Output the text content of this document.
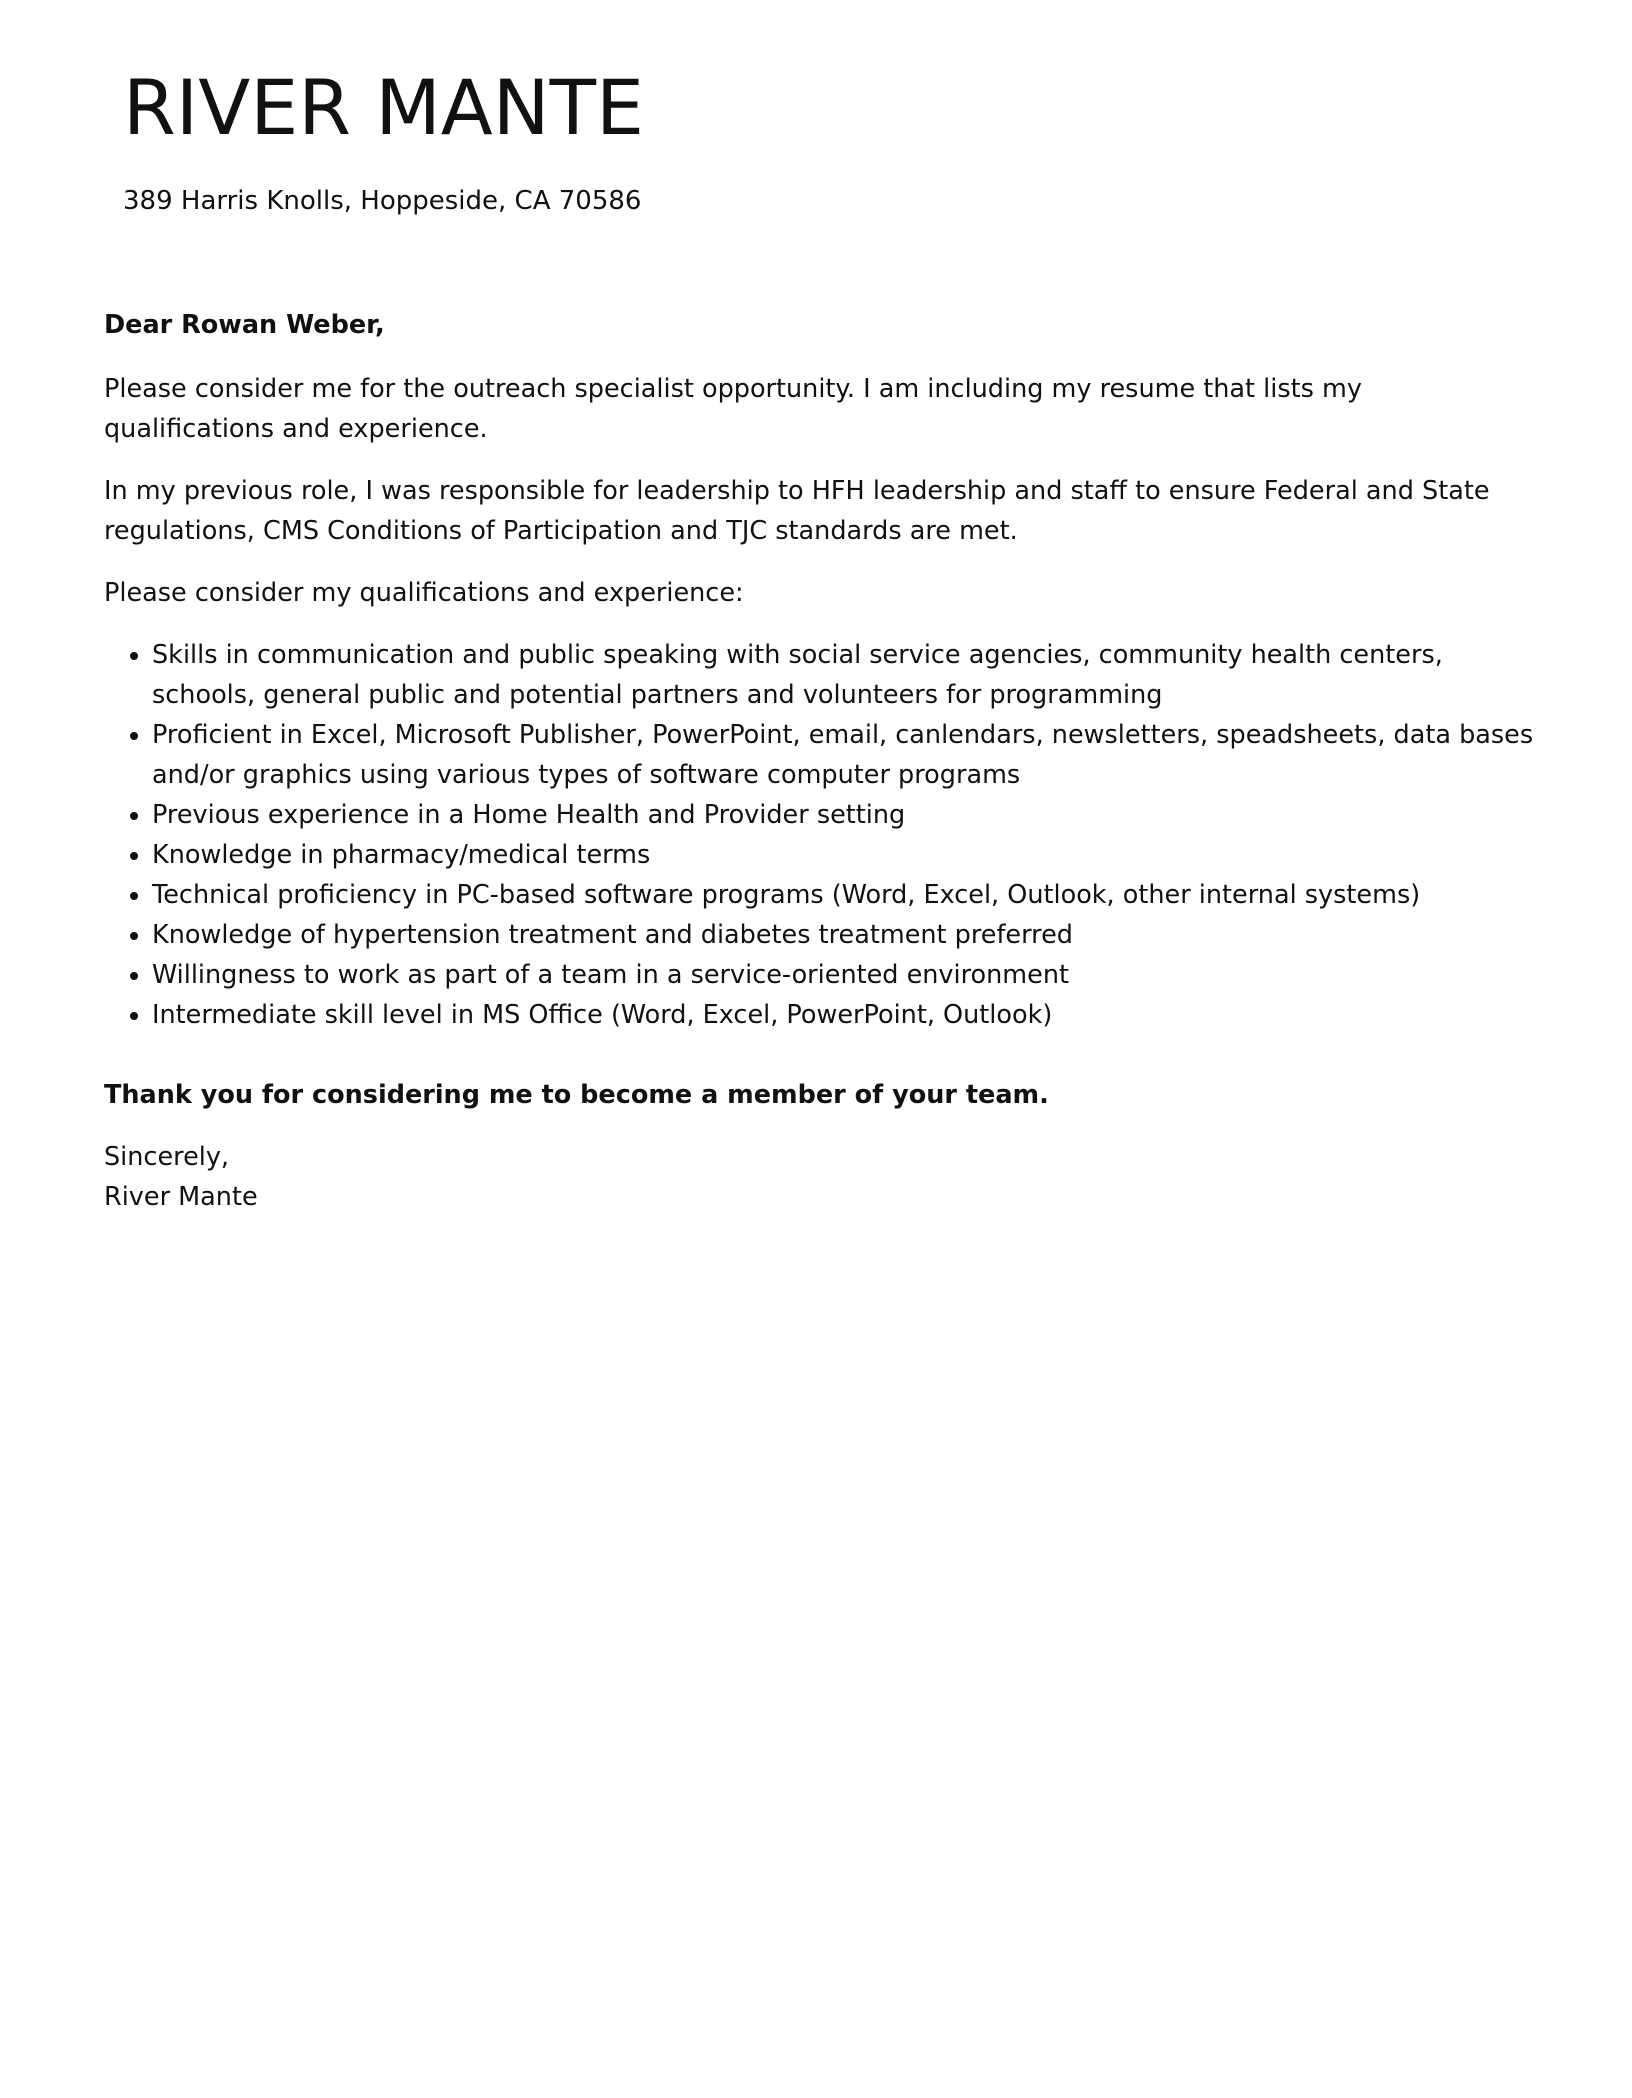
RIVER MANTE
389 Harris Knolls, Hoppeside, CA 70586

Dear Rowan Weber,

Please consider me for the outreach specialist opportunity. I am including my resume that lists my qualifications and experience.

In my previous role, I was responsible for leadership to HFH leadership and staff to ensure Federal and State regulations, CMS Conditions of Participation and TJC standards are met.

Please consider my qualifications and experience:

• Skills in communication and public speaking with social service agencies, community health centers, schools, general public and potential partners and volunteers for programming
• Proficient in Excel, Microsoft Publisher, PowerPoint, email, canlendars, newsletters, speadsheets, data bases and/or graphics using various types of software computer programs
• Previous experience in a Home Health and Provider setting
• Knowledge in pharmacy/medical terms
• Technical proficiency in PC-based software programs (Word, Excel, Outlook, other internal systems)
• Knowledge of hypertension treatment and diabetes treatment preferred
• Willingness to work as part of a team in a service-oriented environment
• Intermediate skill level in MS Office (Word, Excel, PowerPoint, Outlook)

Thank you for considering me to become a member of your team.

Sincerely,
River Mante
